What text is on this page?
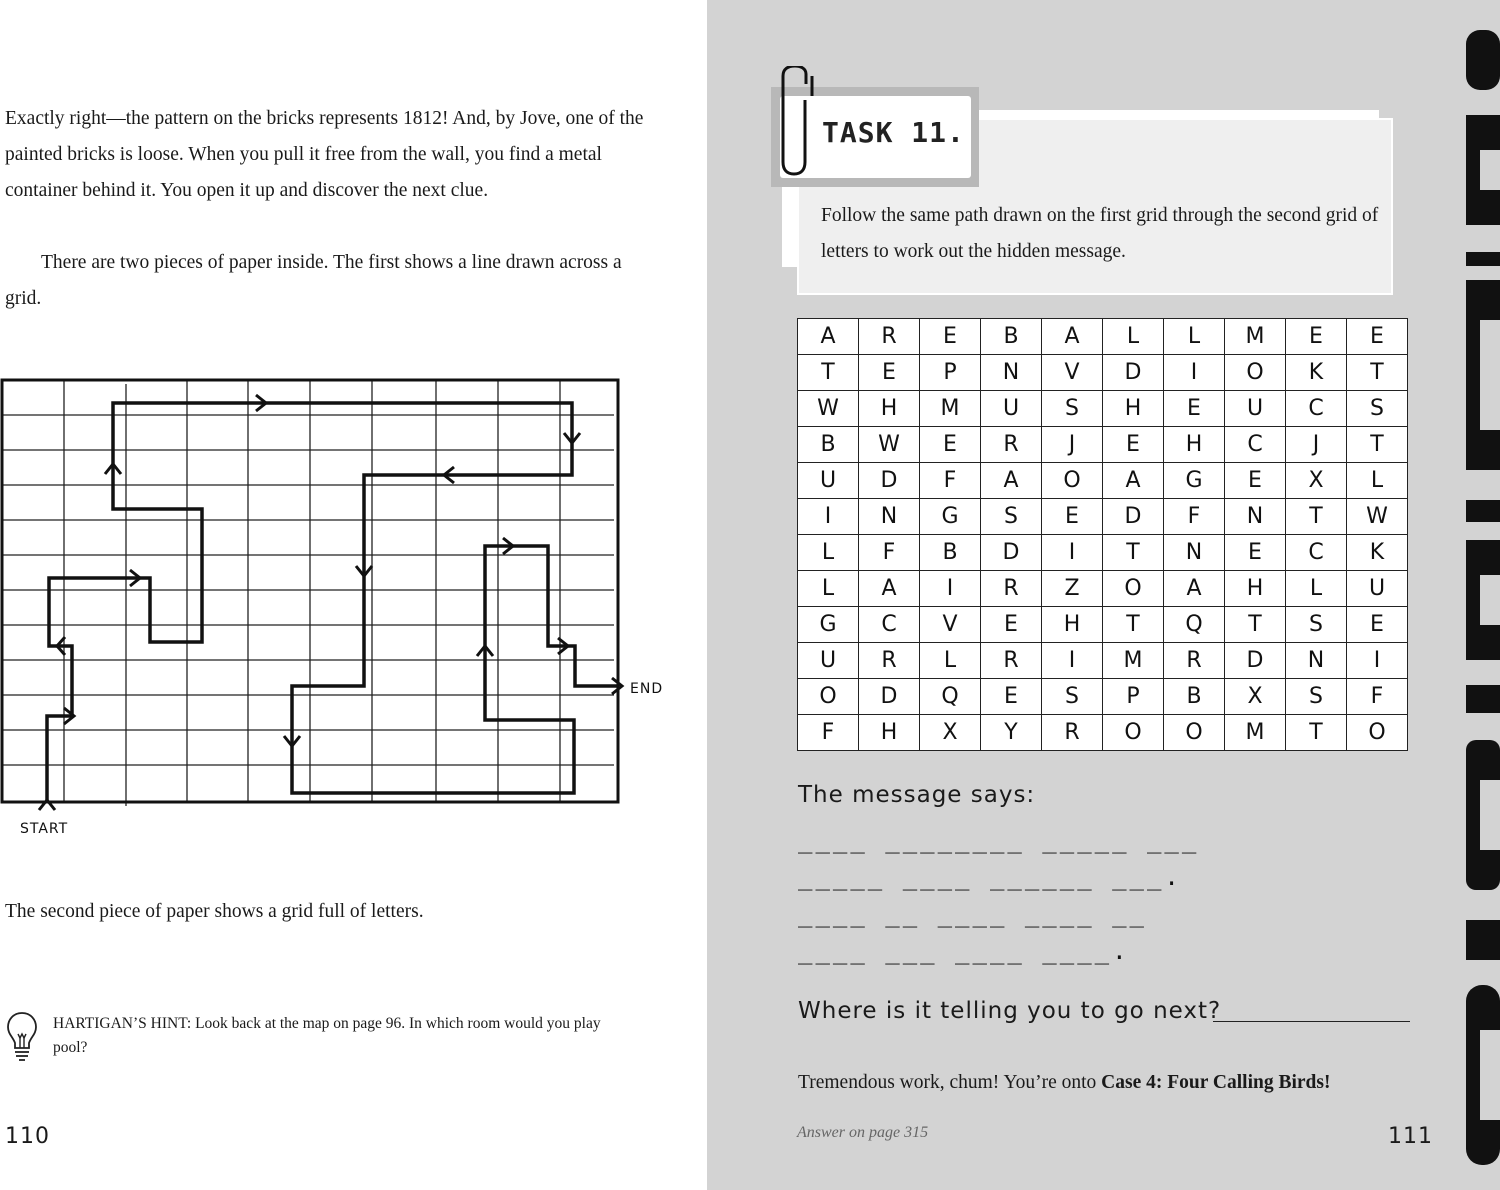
Exactly right—the pattern on the bricks represents 1812! And, by Jove, one of the painted bricks is loose. When you pull it free from the wall, you find a metal container behind it. You open it up and discover the next clue.

There are two pieces of paper inside. The first shows a line drawn across a grid.

START
END

The second piece of paper shows a grid full of letters.

HARTIGAN’S HINT: Look back at the map on page 96. In which room would you play pool?
110
TASK 11.
Follow the same path drawn on the first grid through the second grid of letters to work out the hidden message.
A	R	E	B	A	L	L	M	E	E
T	E	P	N	V	D	I	O	K	T
W	H	M	U	S	H	E	U	C	S
B	W	E	R	J	E	H	C	J	T
U	D	F	A	O	A	G	E	X	L
I	N	G	S	E	D	F	N	T	W
L	F	B	D	I	T	N	E	C	K
L	A	I	R	Z	O	A	H	L	U
G	C	V	E	H	T	Q	T	S	E
U	R	L	R	I	M	R	D	N	I
O	D	Q	E	S	P	B	X	S	F
F	H	X	Y	R	O	O	M	T	O
The message says:
____ ________ _____ ___
_____ ____ ______ ___.
____ __ ____ ____ __
____ ___ ____ ____.
Where is it telling you to go next?
Tremendous work, chum! You’re onto Case 4: Four Calling Birds!
Answer on page 315	111
